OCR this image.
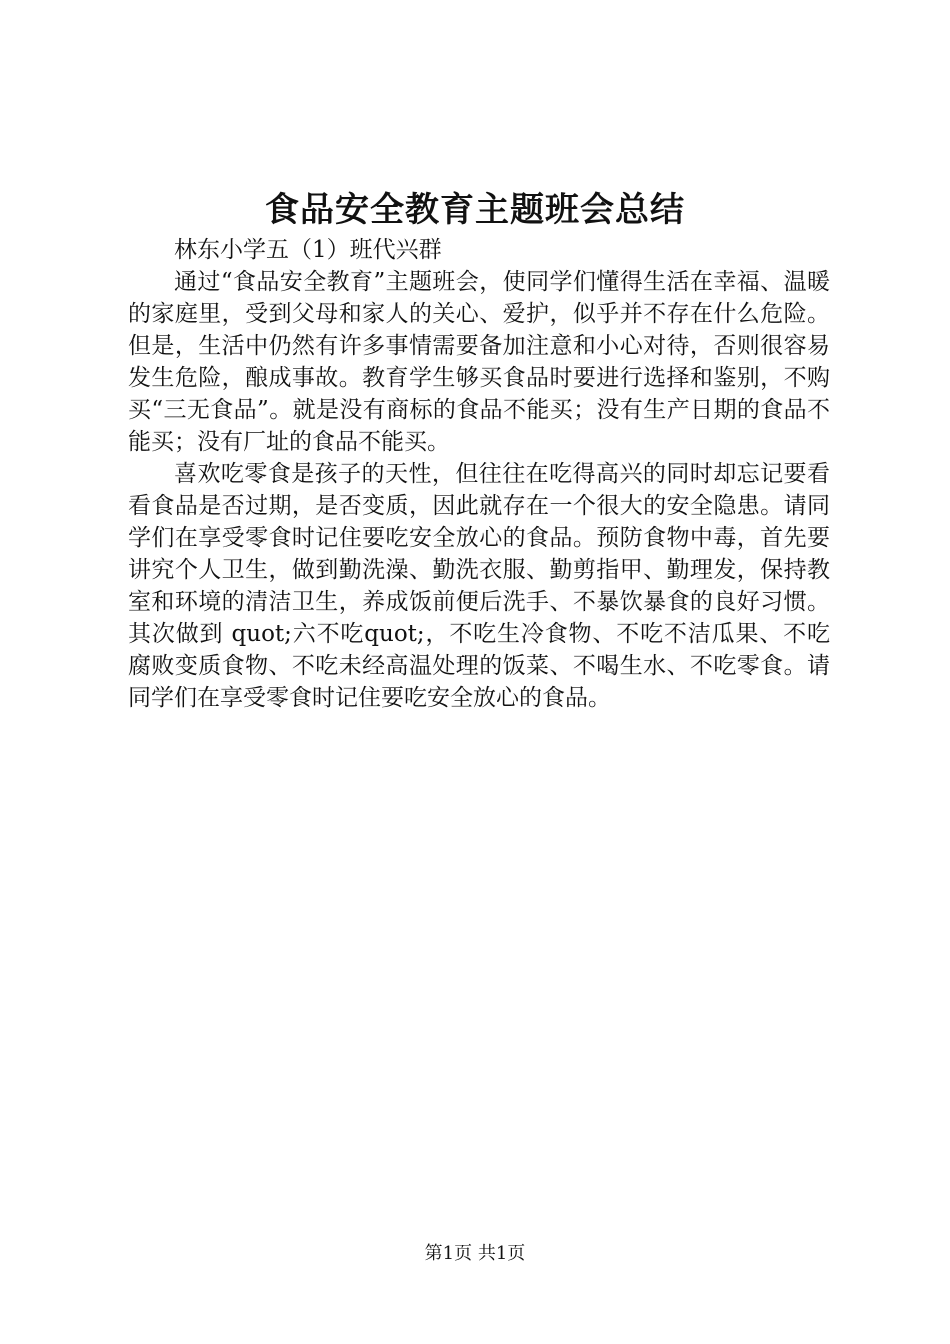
食品安全教育主题班会总结

林东小学五（1）班代兴群

通过“食品安全教育”主题班会，使同学们懂得生活在幸福、温暖的家庭里，受到父母和家人的关心、爱护，似乎并不存在什么危险。但是，生活中仍然有许多事情需要备加注意和小心对待，否则很容易发生危险，酿成事故。教育学生够买食品时要进行选择和鉴别，不购买“三无食品”。就是没有商标的食品不能买；没有生产日期的食品不能买；没有厂址的食品不能买。

喜欢吃零食是孩子的天性，但往往在吃得高兴的同时却忘记要看看食品是否过期，是否变质，因此就存在一个很大的安全隐患。请同学们在享受零食时记住要吃安全放心的食品。预防食物中毒，首先要讲究个人卫生，做到勤洗澡、勤洗衣服、勤剪指甲、勤理发，保持教室和环境的清洁卫生，养成饭前便后洗手、不暴饮暴食的良好习惯。其次做到 quot;六不吃quot;，不吃生冷食物、不吃不洁瓜果、不吃腐败变质食物、不吃未经高温处理的饭菜、不喝生水、不吃零食。请同学们在享受零食时记住要吃安全放心的食品。

第1页 共1页
